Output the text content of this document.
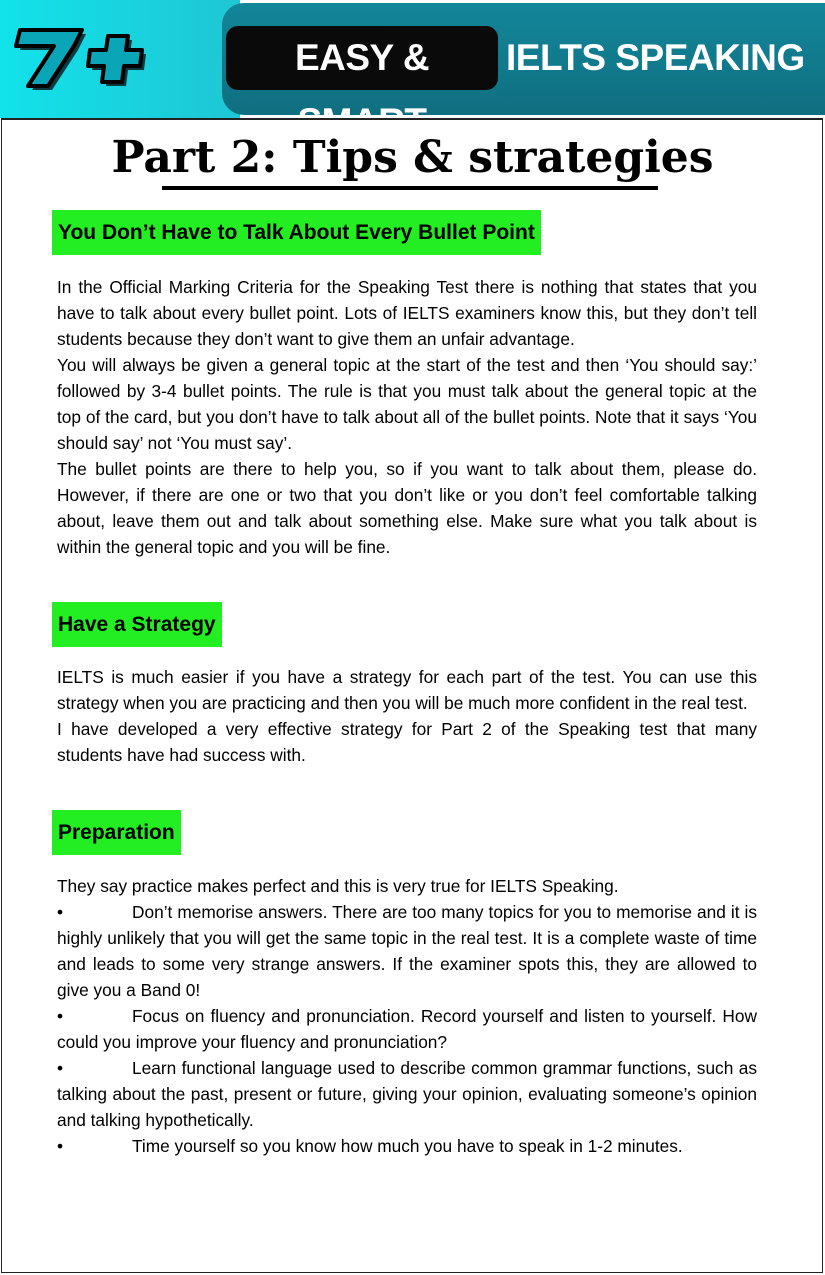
EASY & SMART
IELTS SPEAKING
Part 2: Tips & strategies
You Don’t Have to Talk About Every Bullet Point

In the Official Marking Criteria for the Speaking Test there is nothing that states that you have to talk about every bullet point. Lots of IELTS examiners know this, but they don’t tell students because they don’t want to give them an unfair advantage.

You will always be given a general topic at the start of the test and then ‘You should say:’ followed by 3-4 bullet points. The rule is that you must talk about the general topic at the top of the card, but you don’t have to talk about all of the bullet points. Note that it says ‘You should say’ not ‘You must say’.

The bullet points are there to help you, so if you want to talk about them, please do. However, if there are one or two that you don’t like or you don’t feel comfortable talking about, leave them out and talk about something else. Make sure what you talk about is within the general topic and you will be fine.

Have a Strategy

IELTS is much easier if you have a strategy for each part of the test. You can use this strategy when you are practicing and then you will be much more confident in the real test.

I have developed a very effective strategy for Part 2 of the Speaking test that many students have had success with.

Preparation

They say practice makes perfect and this is very true for IELTS Speaking.

•	Don’t memorise answers. There are too many topics for you to memorise and it is highly unlikely that you will get the same topic in the real test. It is a complete waste of time and leads to some very strange answers. If the examiner spots this, they are allowed to give you a Band 0!
•	Focus on fluency and pronunciation. Record yourself and listen to yourself. How could you improve your fluency and pronunciation?
•	Learn functional language used to describe common grammar functions, such as talking about the past, present or future, giving your opinion, evaluating someone’s opinion and talking hypothetically.
•	Time yourself so you know how much you have to speak in 1-2 minutes.
